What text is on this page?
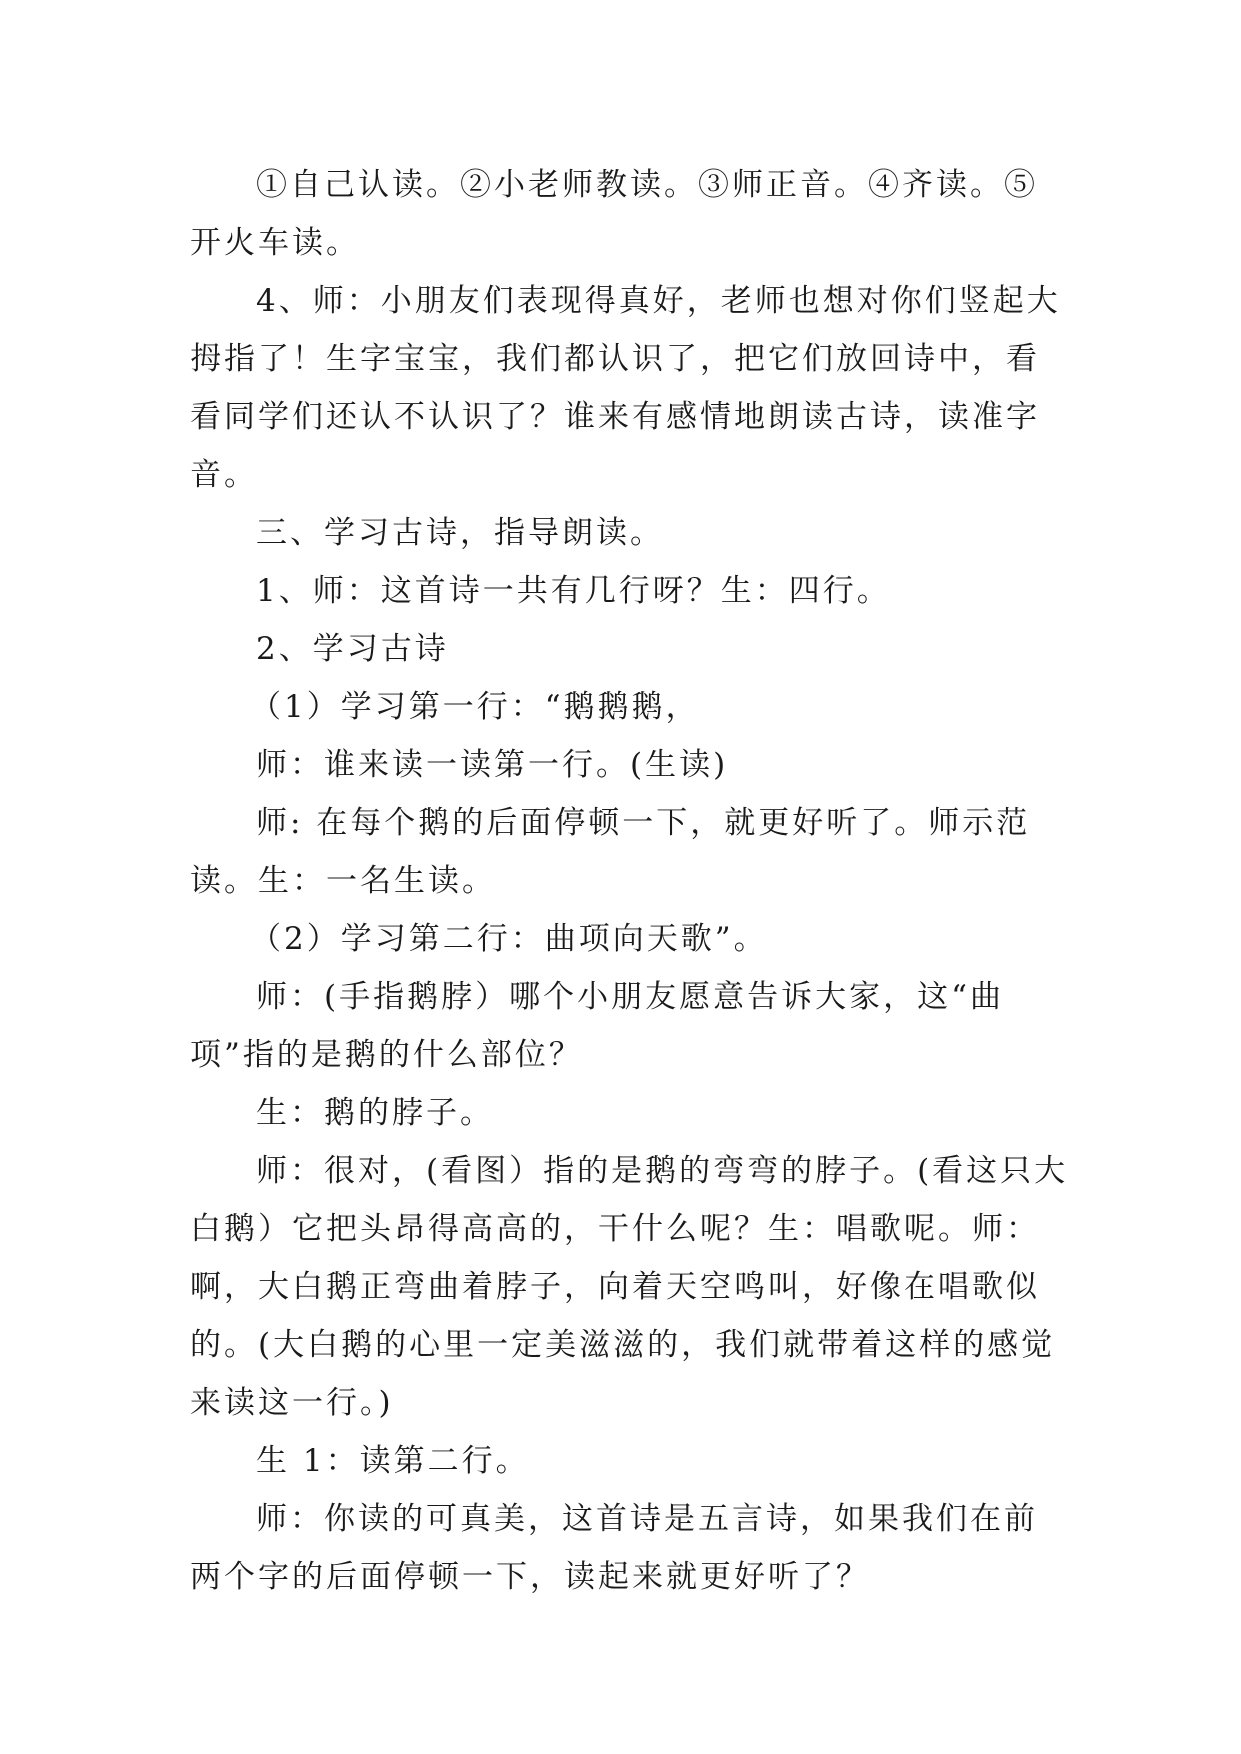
①自己认读。②小老师教读。③师正音。④齐读。⑤开火车读。

4、师：小朋友们表现得真好，老师也想对你们竖起大拇指了！生字宝宝，我们都认识了，把它们放回诗中，看看同学们还认不认识了？谁来有感情地朗读古诗，读准字音。

三、学习古诗，指导朗读。

1、师：这首诗一共有几行呀？生：四行。

2、学习古诗

（1）学习第一行：“鹅鹅鹅，

师：谁来读一读第一行。(生读)

师: 在每个鹅的后面停顿一下，就更好听了。师示范读。生：一名生读。

（2）学习第二行：曲项向天歌”。

师：(手指鹅脖）哪个小朋友愿意告诉大家，这“曲项”指的是鹅的什么部位？

生：鹅的脖子。

师：很对，(看图）指的是鹅的弯弯的脖子。(看这只大白鹅）它把头昂得高高的，干什么呢？生：唱歌呢。师：啊，大白鹅正弯曲着脖子，向着天空鸣叫，好像在唱歌似的。(大白鹅的心里一定美滋滋的，我们就带着这样的感觉来读这一行。)

生 1：读第二行。

师：你读的可真美，这首诗是五言诗，如果我们在前两个字的后面停顿一下，读起来就更好听了？
